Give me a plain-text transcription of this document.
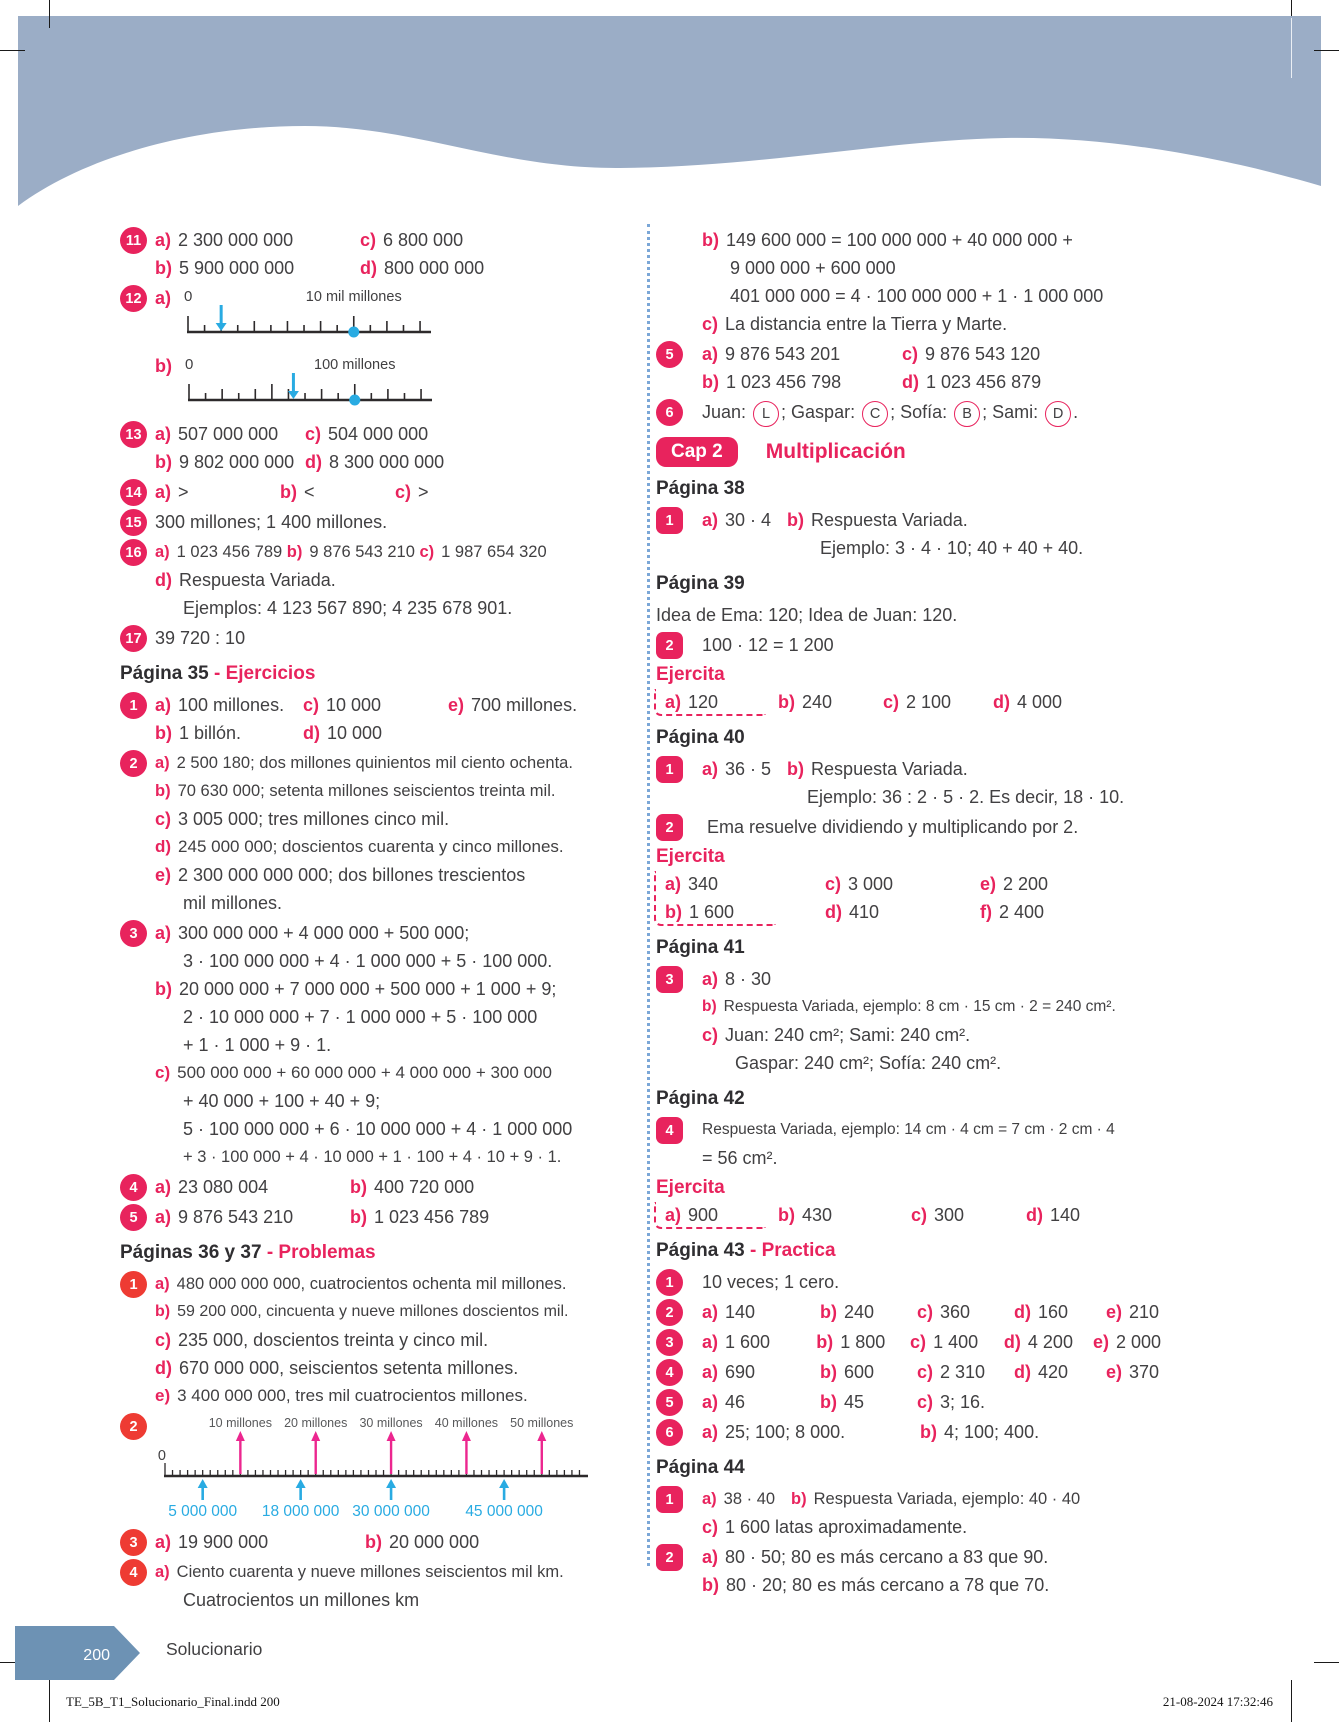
11 a) 2 300 000 000	c) 6 800 000
b) 5 900 000 000	d) 800 000 000
12 a) 0	10 mil millones
b) 0	100 millones
13 a) 507 000 000	c) 504 000 000
b) 9 802 000 000 d) 8 300 000 000
14 a) >	b) <	c) >
15 300 millones; 1 400 millones.
16 a) 1 023 456 789 b) 9 876 543 210 c) 1 987 654 320
d) Respuesta Variada.
Ejemplos: 4 123 567 890; 4 235 678 901.
17 39 720 : 10
Página 35 - Ejercicios
1 a) 100 millones.	c) 10 000	e) 700 millones.
b) 1 billón.	d) 10 000
2	a) 2 500 180; dos millones quinientos mil ciento ochenta.
b) 70 630 000; setenta millones seiscientos treinta mil.
c) 3 005 000; tres millones cinco mil.
d) 245 000 000; doscientos cuarenta y cinco millones.
e) 2 300 000 000 000; dos billones trescientos
mil millones.
3 a) 300 000 000 + 4 000 000 + 500 000;
3 · 100 000 000 + 4 · 1 000 000 + 5 · 100 000.
b) 20 000 000 + 7 000 000 + 500 000 + 1 000 + 9;
2 · 10 000 000 + 7 · 1 000 000 + 5 · 100 000
+ 1 · 1 000 + 9 · 1.
c) 500 000 000 + 60 000 000 + 4 000 000 + 300 000
+ 40 000 + 100 + 40 + 9;
5 · 100 000 000 + 6 · 10 000 000 + 4 · 1 000 000
+ 3 · 100 000 + 4 · 10 000 + 1 · 100 + 4 · 10 + 9 · 1.
4 a) 23 080 004	b) 400 720 000
5 a) 9 876 543 210	b) 1 023 456 789
Páginas 36 y 37 - Problemas
1	a) 480 000 000 000, cuatrocientos ochenta mil millones.
b) 59 200 000, cincuenta y nueve millones doscientos mil.
c) 235 000, doscientos treinta y cinco mil.
d) 670 000 000, seiscientos setenta millones.
e) 3 400 000 000, tres mil cuatrocientos millones.
2	10 millones 20 millones 30 millones 40 millones 50 millones
0
5 000 000 18 000 000 30 000 000 45 000 000
3 a) 19 900 000	b) 20 000 000
4	a) Ciento cuarenta y nueve millones seiscientos mil km.
Cuatrocientos un millones km
b) 149 600 000 = 100 000 000 + 40 000 000 +
9 000 000 + 600 000
401 000 000 = 4 · 100 000 000 + 1 · 1 000 000
c) La distancia entre la Tierra y Marte.
5	a) 9 876 543 201	c) 9 876 543 120
b) 1 023 456 798	d) 1 023 456 879
6	Juan: L ; Gaspar: C ; Sofía: B ; Sami: D .
Cap 2	Multiplicación
Página 38
1	a) 30 · 4 b) Respuesta Variada.
Ejemplo: 3 · 4 · 10; 40 + 40 + 40.
Página 39
Idea de Ema: 120; Idea de Juan: 120.
2	100 · 12 = 1 200
Ejercita
a) 120	b) 240	c) 2 100	d) 4 000
Página 40
1	a) 36 · 5 b) Respuesta Variada.
Ejemplo: 36 : 2 · 5 · 2. Es decir, 18 · 10.
2	Ema resuelve dividiendo y multiplicando por 2.
Ejercita
a) 340	c) 3 000	e) 2 200
b) 1 600	d) 410	f) 2 400
Página 41
3	a) 8 · 30
b) Respuesta Variada, ejemplo: 8 cm · 15 cm · 2 = 240 cm².
c) Juan: 240 cm²; Sami: 240 cm².
Gaspar: 240 cm²; Sofía: 240 cm².
Página 42
4	Respuesta Variada, ejemplo: 14 cm · 4 cm = 7 cm · 2 cm · 4
= 56 cm².
Ejercita
a) 900	b) 430	c) 300	d) 140
Página 43 - Practica
1	10 veces; 1 cero.
2	a) 140	b) 240	c) 360	d) 160	e) 210
3	a) 1 600	b) 1 800	c) 1 400	d) 4 200	e) 2 000
4	a) 690	b) 600	c) 2 310	d) 420	e) 370
5	a) 46	b) 45	c) 3; 16.
6	a) 25; 100; 8 000.	b) 4; 100; 400.
Página 44
1	a) 38 · 40 b) Respuesta Variada, ejemplo: 40 · 40
c) 1 600 latas aproximadamente.
2	a) 80 · 50; 80 es más cercano a 83 que 90.
b) 80 · 20; 80 es más cercano a 78 que 70.
200	Solucionario
TE_5B_T1_Solucionario_Final.indd 200	21-08-2024 17:32:46
